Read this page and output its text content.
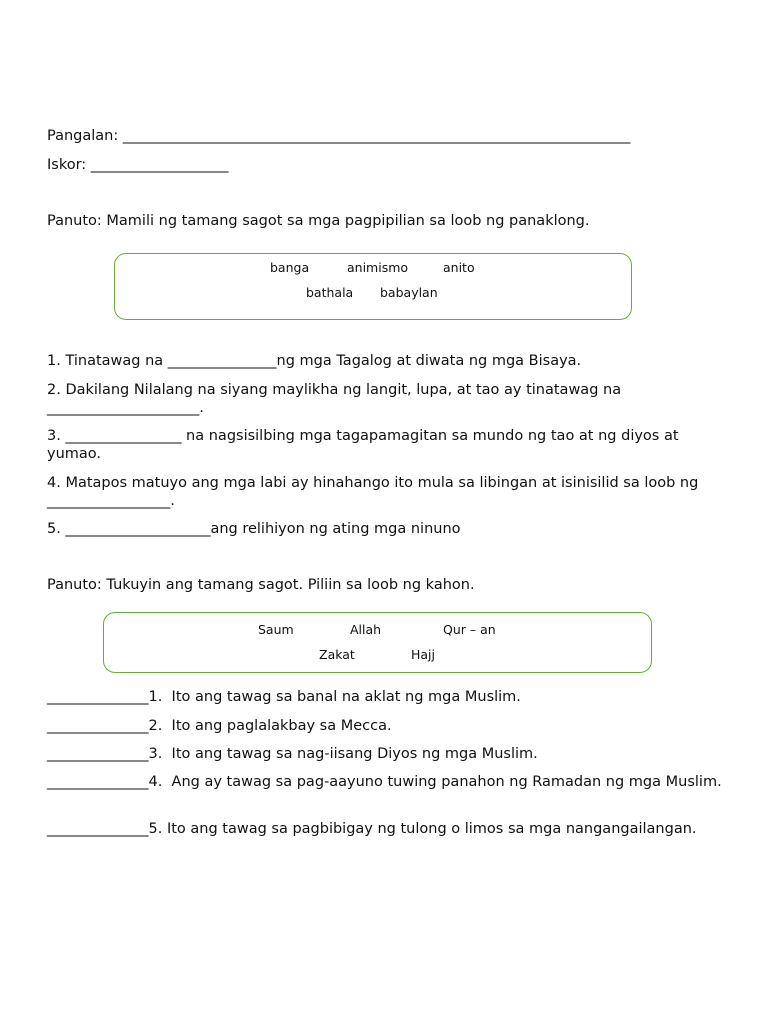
Pangalan: ______________________________________________________________________
Iskor: ___________________
Panuto: Mamili ng tamang sagot sa mga pagpipilian sa loob ng panaklong.
banga	animismo	anito
bathala babaylan
1. Tinatawag na _______________ng mga Tagalog at diwata ng mga Bisaya.
2. Dakilang Nilalang na siyang maylikha ng langit, lupa, at tao ay tinatawag na _____________________.
3. ________________ na nagsisilbing mga tagapamagitan sa mundo ng tao at ng diyos at yumao.
4. Matapos matuyo ang mga labi ay hinahango ito mula sa libingan at isinisilid sa loob ng _________________.
5. ____________________ang relihiyon ng ating mga ninuno
Panuto: Tukuyin ang tamang sagot. Piliin sa loob ng kahon.
Saum	Allah	Qur – an
Zakat	Hajj
______________1.  Ito ang tawag sa banal na aklat ng mga Muslim.
______________2.  Ito ang paglalakbay sa Mecca.
______________3.  Ito ang tawag sa nag-iisang Diyos ng mga Muslim.
______________4.  Ang ay tawag sa pag-aayuno tuwing panahon ng Ramadan ng mga Muslim.
______________5. Ito ang tawag sa pagbibigay ng tulong o limos sa mga nangangailangan.
